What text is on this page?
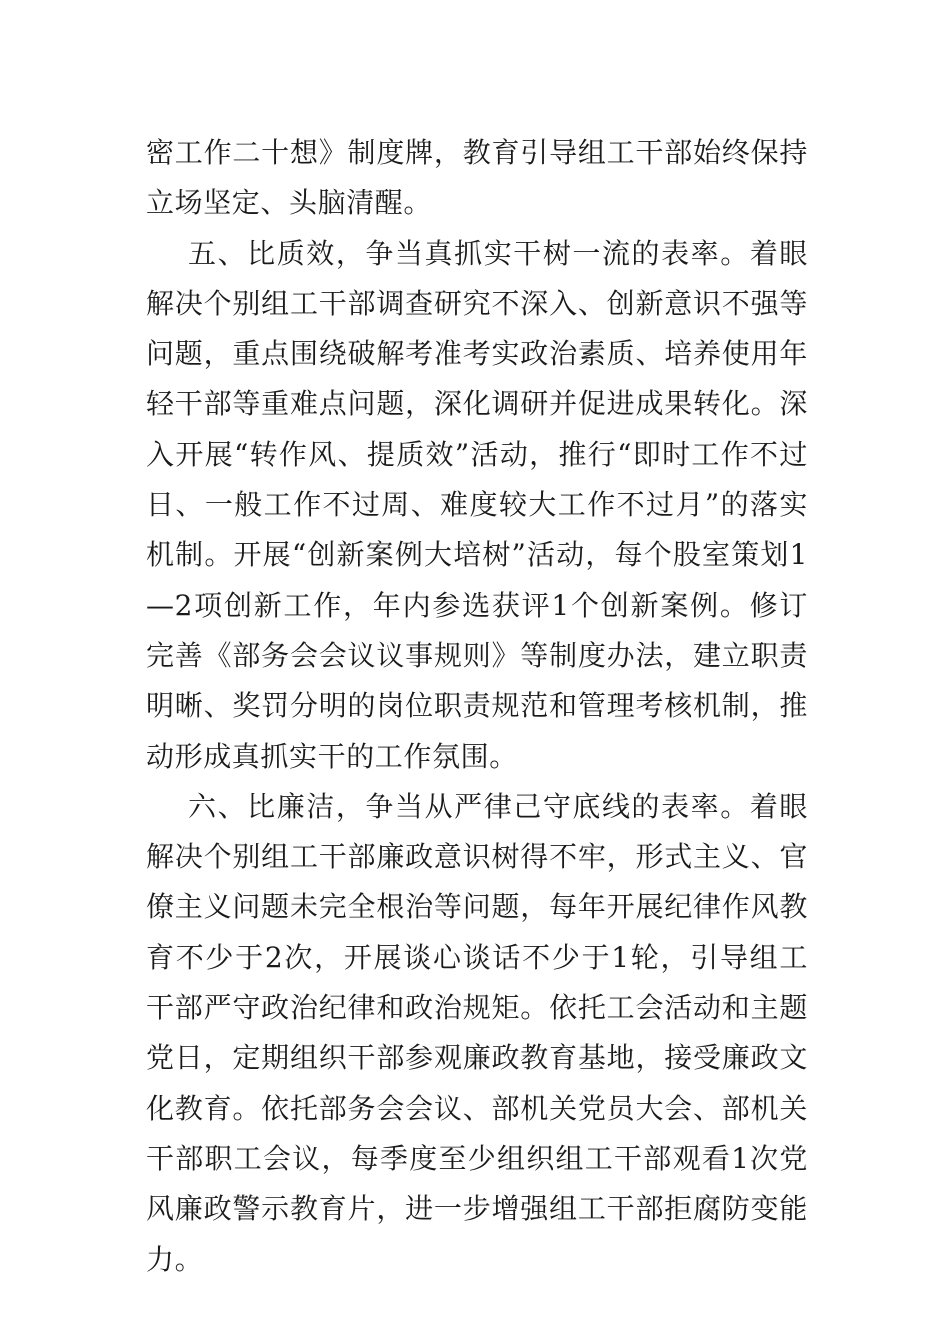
密工作二十想》制度牌，教育引导组工干部始终保持立场坚定、头脑清醒。

五、比质效，争当真抓实干树一流的表率。着眼解决个别组工干部调查研究不深入、创新意识不强等问题，重点围绕破解考准考实政治素质、培养使用年轻干部等重难点问题，深化调研并促进成果转化。深入开展“转作风、提质效”活动，推行“即时工作不过日、一般工作不过周、难度较大工作不过月”的落实机制。开展“创新案例大培树”活动，每个股室策划1—2项创新工作，年内参选获评1个创新案例。修订完善《部务会会议议事规则》等制度办法，建立职责明晰、奖罚分明的岗位职责规范和管理考核机制，推动形成真抓实干的工作氛围。

六、比廉洁，争当从严律己守底线的表率。着眼解决个别组工干部廉政意识树得不牢，形式主义、官僚主义问题未完全根治等问题，每年开展纪律作风教育不少于2次，开展谈心谈话不少于1轮，引导组工干部严守政治纪律和政治规矩。依托工会活动和主题党日，定期组织干部参观廉政教育基地，接受廉政文化教育。依托部务会会议、部机关党员大会、部机关干部职工会议，每季度至少组织组工干部观看1次党风廉政警示教育片，进一步增强组工干部拒腐防变能力。
